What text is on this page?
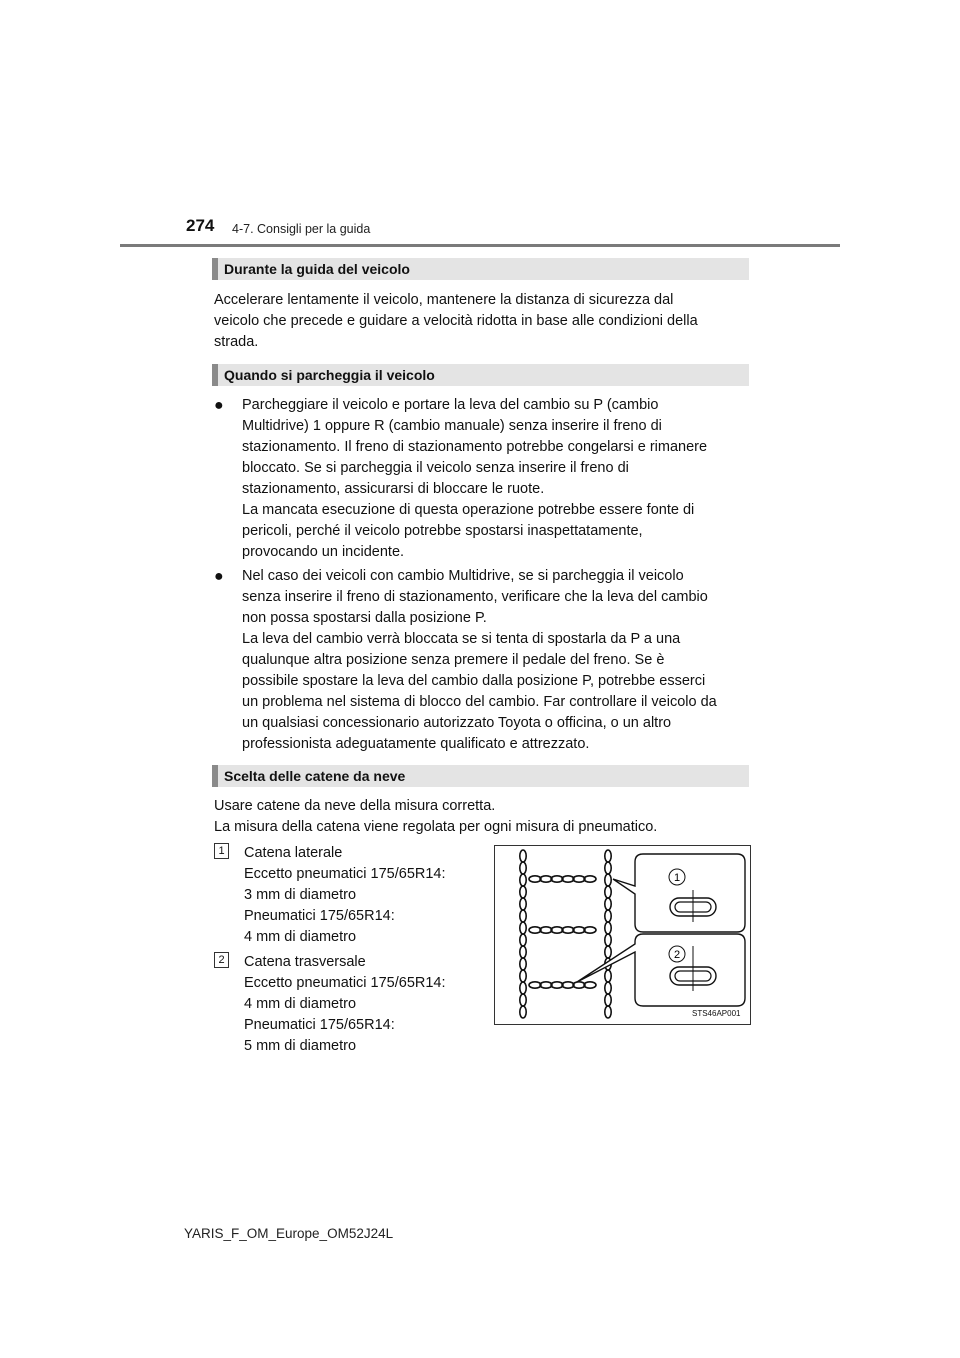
274 4-7. Consigli per la guida
Durante la guida del veicolo
Accelerare lentamente il veicolo, mantenere la distanza di sicurezza dal
veicolo che precede e guidare a velocità ridotta in base alle condizioni della
strada.
Quando si parcheggia il veicolo
● Parcheggiare il veicolo e portare la leva del cambio su P (cambio
Multidrive) 1 oppure R (cambio manuale) senza inserire il freno di
stazionamento. Il freno di stazionamento potrebbe congelarsi e rimanere
bloccato. Se si parcheggia il veicolo senza inserire il freno di
stazionamento, assicurarsi di bloccare le ruote.
La mancata esecuzione di questa operazione potrebbe essere fonte di
pericoli, perché il veicolo potrebbe spostarsi inaspettatamente,
provocando un incidente.
● Nel caso dei veicoli con cambio Multidrive, se si parcheggia il veicolo
senza inserire il freno di stazionamento, verificare che la leva del cambio
non possa spostarsi dalla posizione P.
La leva del cambio verrà bloccata se si tenta di spostarla da P a una
qualunque altra posizione senza premere il pedale del freno. Se è
possibile spostare la leva del cambio dalla posizione P, potrebbe esserci
un problema nel sistema di blocco del cambio. Far controllare il veicolo da
un qualsiasi concessionario autorizzato Toyota o officina, o un altro
professionista adeguatamente qualificato e attrezzato.
Scelta delle catene da neve
Usare catene da neve della misura corretta.
La misura della catena viene regolata per ogni misura di pneumatico.
1	Catena laterale
Eccetto pneumatici 175/65R14:
3 mm di diametro
Pneumatici 175/65R14:
4 mm di diametro
2	Catena trasversale
Eccetto pneumatici 175/65R14:
4 mm di diametro
Pneumatici 175/65R14:
5 mm di diametro
1
2
STS46AP001
YARIS_F_OM_Europe_OM52J24L
